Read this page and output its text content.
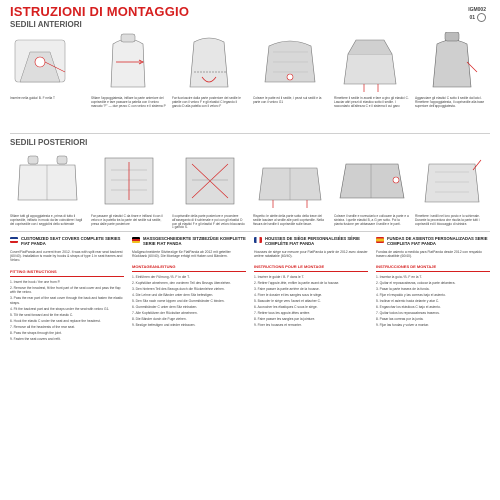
ISTRUZIONI DI MONTAGGIO
SEDILI ANTERIORI
IGM002
01
Inserire nella guida/ B. F nella T	Sfilare l'appoggiatesta, infilare la parte anteriore del coprisedile e fare passare la patella con il velcro marcato "F" — due pezzo C con velcro e il sistema P
Far fuoriuscire dalla parte posteriore del sedile le patelle con il velcro F e gli elastici C legando il gancio D alla patella con il velcro F
Coleare le patte ed il sedile, i pezzi sui sedili e la parte con il velcro G1
Rimettere il sedile in avanti e fare a giro gli elastici C. Lasciar altri pezzi di elastico sotto il sedile. I raccordarlo all'altezza C e il sistema il cui ganc
Agganciare gli elastici C sotto il sedile dal lato I. Rimettere l'appoggiatesta, Il coprisedile alla base superiore dell'appoggiatesta.
SEDILI POSTERIORI
Sfilare tutti gli appoggiatesta e, prima di tutto il coprisedile, infilarlo in modo da far coincidere i tagli del coprisedile con i seggiolini dello schienale
Far passare gli elastici C da tirare e infilarsi ti con il velcro e la patella tra la parte del sedile sul sedile, presa dalle parte posteriore
Il coprisedile della parte posteriore e procedere all'asseganto di ti schienale e poi con gli elastici D con gli elastici F e gli elastici F del velcro bloccando 1 gancio S.
Rispetto: le alette della parte sotto della trave del sedile lasciare al sedile alle parti coprisedile. Nella fissura del sedile il coprisedile sulle fasce.
Coleare il sedile e rovesciarlo e collocare la parte e a sinistra. I quelle elastici B, a G per sotto. Poi la pianta fusione per abbassare il sedile e le parti.
Rimettere i sedili nel loro posto e lo schienale. Durante la procedura che risulta la parte tutti i coprisedili ed il bloccaggio di sinistra
CUSTOMIZED SEAT COVERS COMPLETE SERIES FIAT PANDA
Cover/FiatPanda and current from 2012. It was with split rear seat backrest (60/40). Installation is made by hooks & straps of type 1 in seat frames and Velcro.
FITTING INSTRUCTIONS

1. Insert the hook / the one from P.

2. Remove the headrest, fit the front part of the seat cover and pass the flap with the velcro.

3. Pass the rear part of the seat cover through the back and fasten the elastic straps.

4. Fit the backrest part and the straps under the seat with velcro G1.

5. Tilt the seat forward and tie the elastic C.

6. Hook the elastic C under the seat and replace the headrest.

7. Remove all the headrests of the rear seat.

8. Pass the straps through the joint.

9. Fasten the seat covers and refit.

MASSGESCHNEIDERTE SITZBEZÜGE KOMPLETTE SERIE FIAT PANDA
Maßgeschneiderte Sitzbezüge für FiatPanda ab 2012 mit geteilter Rückbank (60/40). Die Montage erfolgt mit Haken und Bändern.
MONTAGEANLEITUNG

1. Einführen der Führung / B. F in die T.

2. Kopfstütze abnehmen, den vorderen Teil des Bezugs überziehen.

3. Den hinteren Teil des Bezugs durch die Rückenlehne ziehen.

4. Die Lehne und die Bänder unter dem Sitz befestigen.

5. Den Sitz nach vorne kippen und die Gummibänder C binden.

6. Gummibänder C unter dem Sitz einhaken.

7. Alle Kopfstützen der Rücksitze abnehmen.

8. Die Bänder durch die Fuge ziehen.

9. Bezüge befestigen und wieder einbauen.

HOUSSES DE SIÈGE PERSONNALISÉES SÉRIE COMPLÈTE FIAT PANDA
Housses de siège sur mesure pour FiatPanda à partir de 2012 avec dossier arrière rabattable (60/40).
INSTRUCTIONS POUR LE MONTAGE

1. Insérer le guide / B. F dans le T.

2. Retirer l'appuie-tête, enfiler la partie avant de la housse.

3. Faire passer la partie arrière de la housse.

4. Fixer le dossier et les sangles sous le siège.

5. Basculer le siège vers l'avant et attacher C.

6. Accrocher les élastiques C sous le siège.

7. Retirer tous les appuie-têtes arrière.

8. Faire passer les sangles par la jointure.

9. Fixer les housses et remonter.

FUNDAS DE ASIENTOS PERSONALIZADAS SERIE COMPLETA FIAT PANDA
Fundas de asiento a medida para FiatPanda desde 2012 con respaldo trasero abatible (60/40).
INSTRUCCIONES DE MONTAJE

1. Insertar la guía / B. F en la T.

2. Quitar el reposacabezas, colocar la parte delantera.

3. Pasar la parte trasera de la funda.

4. Fijar el respaldo y las correas bajo el asiento.

5. Inclinar el asiento hacia delante y atar C.

6. Enganchar los elásticos C bajo el asiento.

7. Quitar todos los reposacabezas traseros.

8. Pasar las correas por la junta.

9. Fijar las fundas y volver a montar.
